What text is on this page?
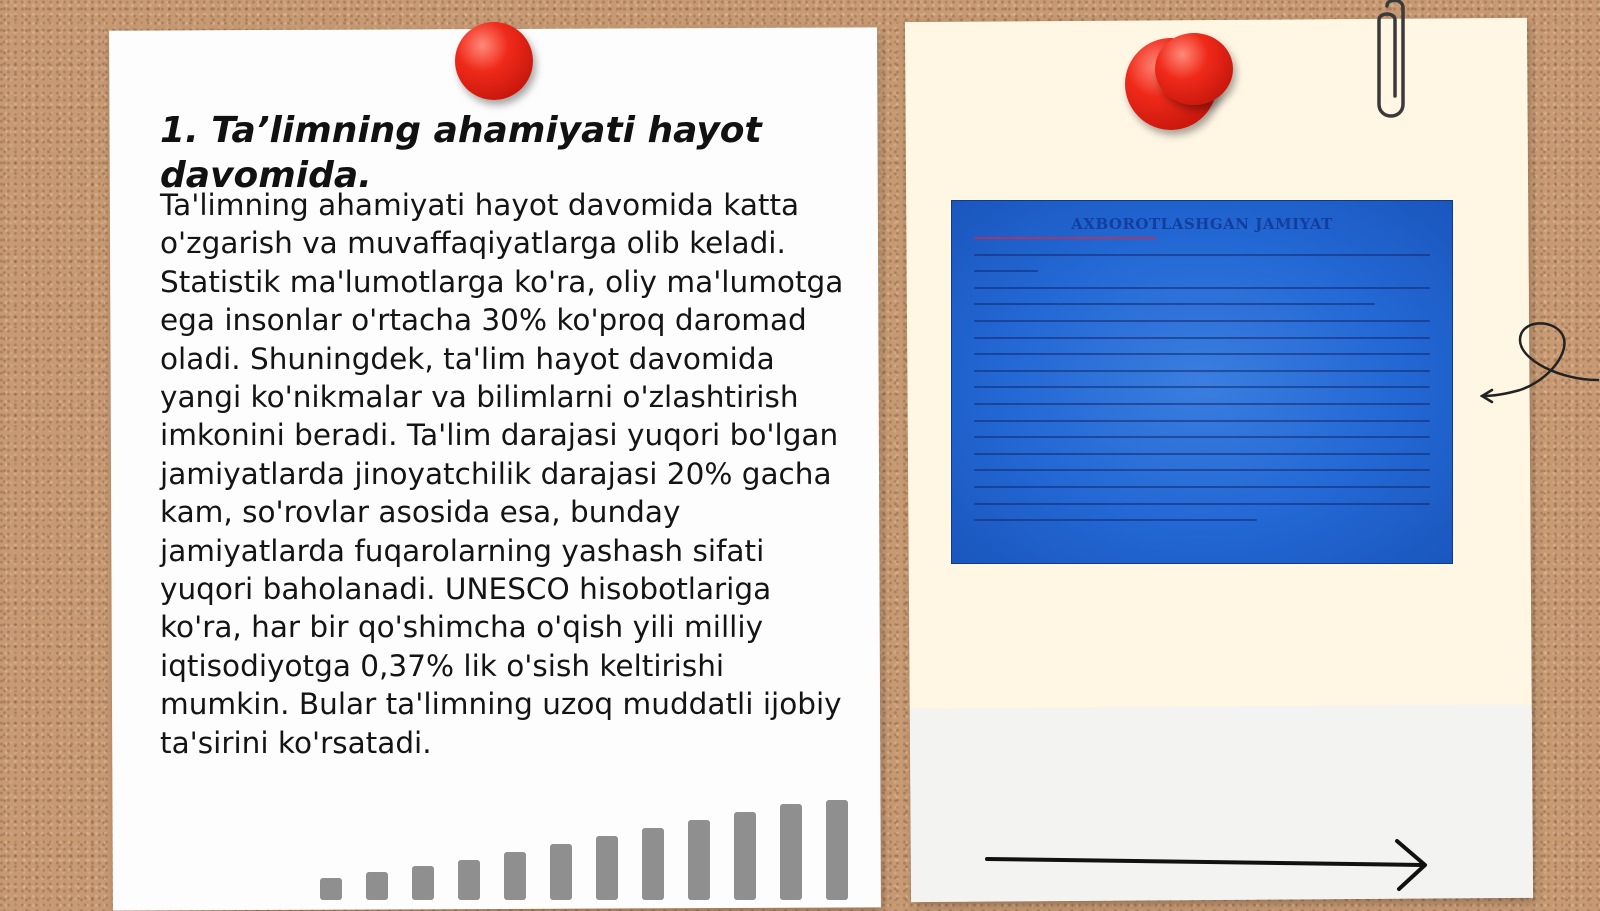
1. Ta’limning ahamiyati hayot davomida.

Ta'limning ahamiyati hayot davomida katta o'zgarish va muvaffaqiyatlarga olib keladi. Statistik ma'lumotlarga ko'ra, oliy ma'lumotga ega insonlar o'rtacha 30% ko'proq daromad oladi. Shuningdek, ta'lim hayot davomida yangi ko'nikmalar va bilimlarni o'zlashtirish imkonini beradi. Ta'lim darajasi yuqori bo'lgan jamiyatlarda jinoyatchilik darajasi 20% gacha kam, so'rovlar asosida esa, bunday jamiyatlarda fuqarolarning yashash sifati yuqori baholanadi. UNESCO hisobotlariga ko'ra, har bir qo'shimcha o'qish yili milliy iqtisodiyotga 0,37% lik o'sish keltirishi mumkin. Bular ta'limning uzoq muddatli ijobiy ta'sirini ko'rsatadi.

AXBOROTLASHGAN JAMIYAT
